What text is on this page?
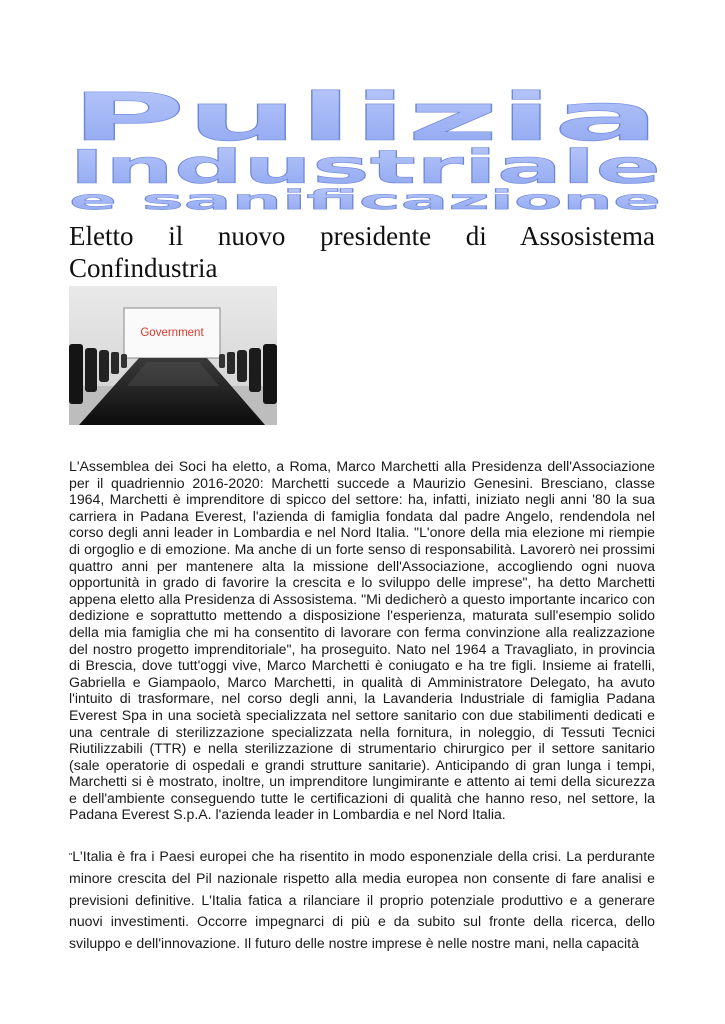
Pulizia
Industriale
e sanificazione
Eletto il nuovo presidente di Assosistema Confindustria
Government

L'Assemblea dei Soci ha eletto, a Roma, Marco Marchetti alla Presidenza dell'Associazione per il quadriennio 2016-2020: Marchetti succede a Maurizio Genesini. Bresciano, classe 1964, Marchetti è imprenditore di spicco del settore: ha, infatti, iniziato negli anni '80 la sua carriera in Padana Everest, l'azienda di famiglia fondata dal padre Angelo, rendendola nel corso degli anni leader in Lombardia e nel Nord Italia. "L'onore della mia elezione mi riempie di orgoglio e di emozione. Ma anche di un forte senso di responsabilità. Lavorerò nei prossimi quattro anni per mantenere alta la missione dell'Associazione, accogliendo ogni nuova opportunità in grado di favorire la crescita e lo sviluppo delle imprese", ha detto Marchetti appena eletto alla Presidenza di Assosistema. "Mi dedicherò a questo importante incarico con dedizione e soprattutto mettendo a disposizione l'esperienza, maturata sull'esempio solido della mia famiglia che mi ha consentito di lavorare con ferma convinzione alla realizzazione del nostro progetto imprenditoriale", ha proseguito. Nato nel 1964 a Travagliato, in provincia di Brescia, dove tutt'oggi vive, Marco Marchetti è coniugato e ha tre figli. Insieme ai fratelli, Gabriella e Giampaolo, Marco Marchetti, in qualità di Amministratore Delegato, ha avuto l'intuito di trasformare, nel corso degli anni, la Lavanderia Industriale di famiglia Padana Everest Spa in una società specializzata nel settore sanitario con due stabilimenti dedicati e una centrale di sterilizzazione specializzata nella fornitura, in noleggio, di Tessuti Tecnici Riutilizzabili (TTR) e nella sterilizzazione di strumentario chirurgico per il settore sanitario (sale operatorie di ospedali e grandi strutture sanitarie). Anticipando di gran lunga i tempi, Marchetti si è mostrato, inoltre, un imprenditore lungimirante e attento ai temi della sicurezza e dell'ambiente conseguendo tutte le certificazioni di qualità che hanno reso, nel settore, la Padana Everest S.p.A. l'azienda leader in Lombardia e nel Nord Italia.

"L'Italia è fra i Paesi europei che ha risentito in modo esponenziale della crisi. La perdurante minore crescita del Pil nazionale rispetto alla media europea non consente di fare analisi e previsioni definitive. L'Italia fatica a rilanciare il proprio potenziale produttivo e a generare nuovi investimenti. Occorre impegnarci di più e da subito sul fronte della ricerca, dello sviluppo e dell'innovazione. Il futuro delle nostre imprese è nelle nostre mani, nella capacità
